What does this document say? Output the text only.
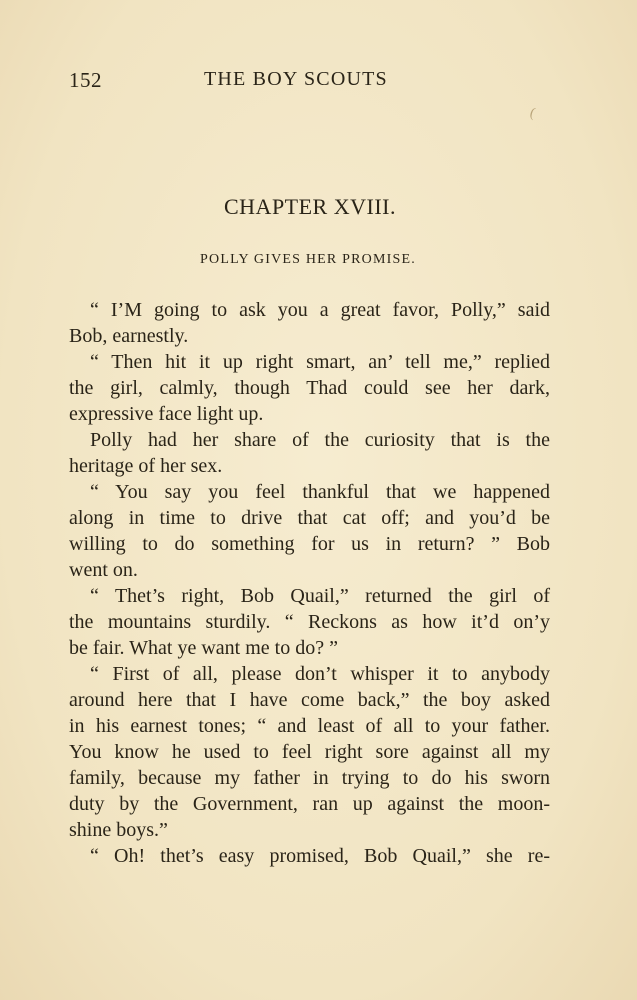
152	THE BOY SCOUTS
(
CHAPTER XVIII.
POLLY GIVES HER PROMISE.
“ I’M going to ask you a great favor, Polly,” said
Bob, earnestly.
“ Then hit it up right smart, an’ tell me,” replied
the girl, calmly, though Thad could see her dark,
expressive face light up.
Polly had her share of the curiosity that is the
heritage of her sex.
“ You say you feel thankful that we happened
along in time to drive that cat off; and you’d be
willing to do something for us in return? ” Bob
went on.
“ Thet’s right, Bob Quail,” returned the girl of
the mountains sturdily. “ Reckons as how it’d on’y
be fair. What ye want me to do? ”
“ First of all, please don’t whisper it to anybody
around here that I have come back,” the boy asked
in his earnest tones; “ and least of all to your father.
You know he used to feel right sore against all my
family, because my father in trying to do his sworn
duty by the Government, ran up against the moon-
shine boys.”
“ Oh! thet’s easy promised, Bob Quail,” she re-
